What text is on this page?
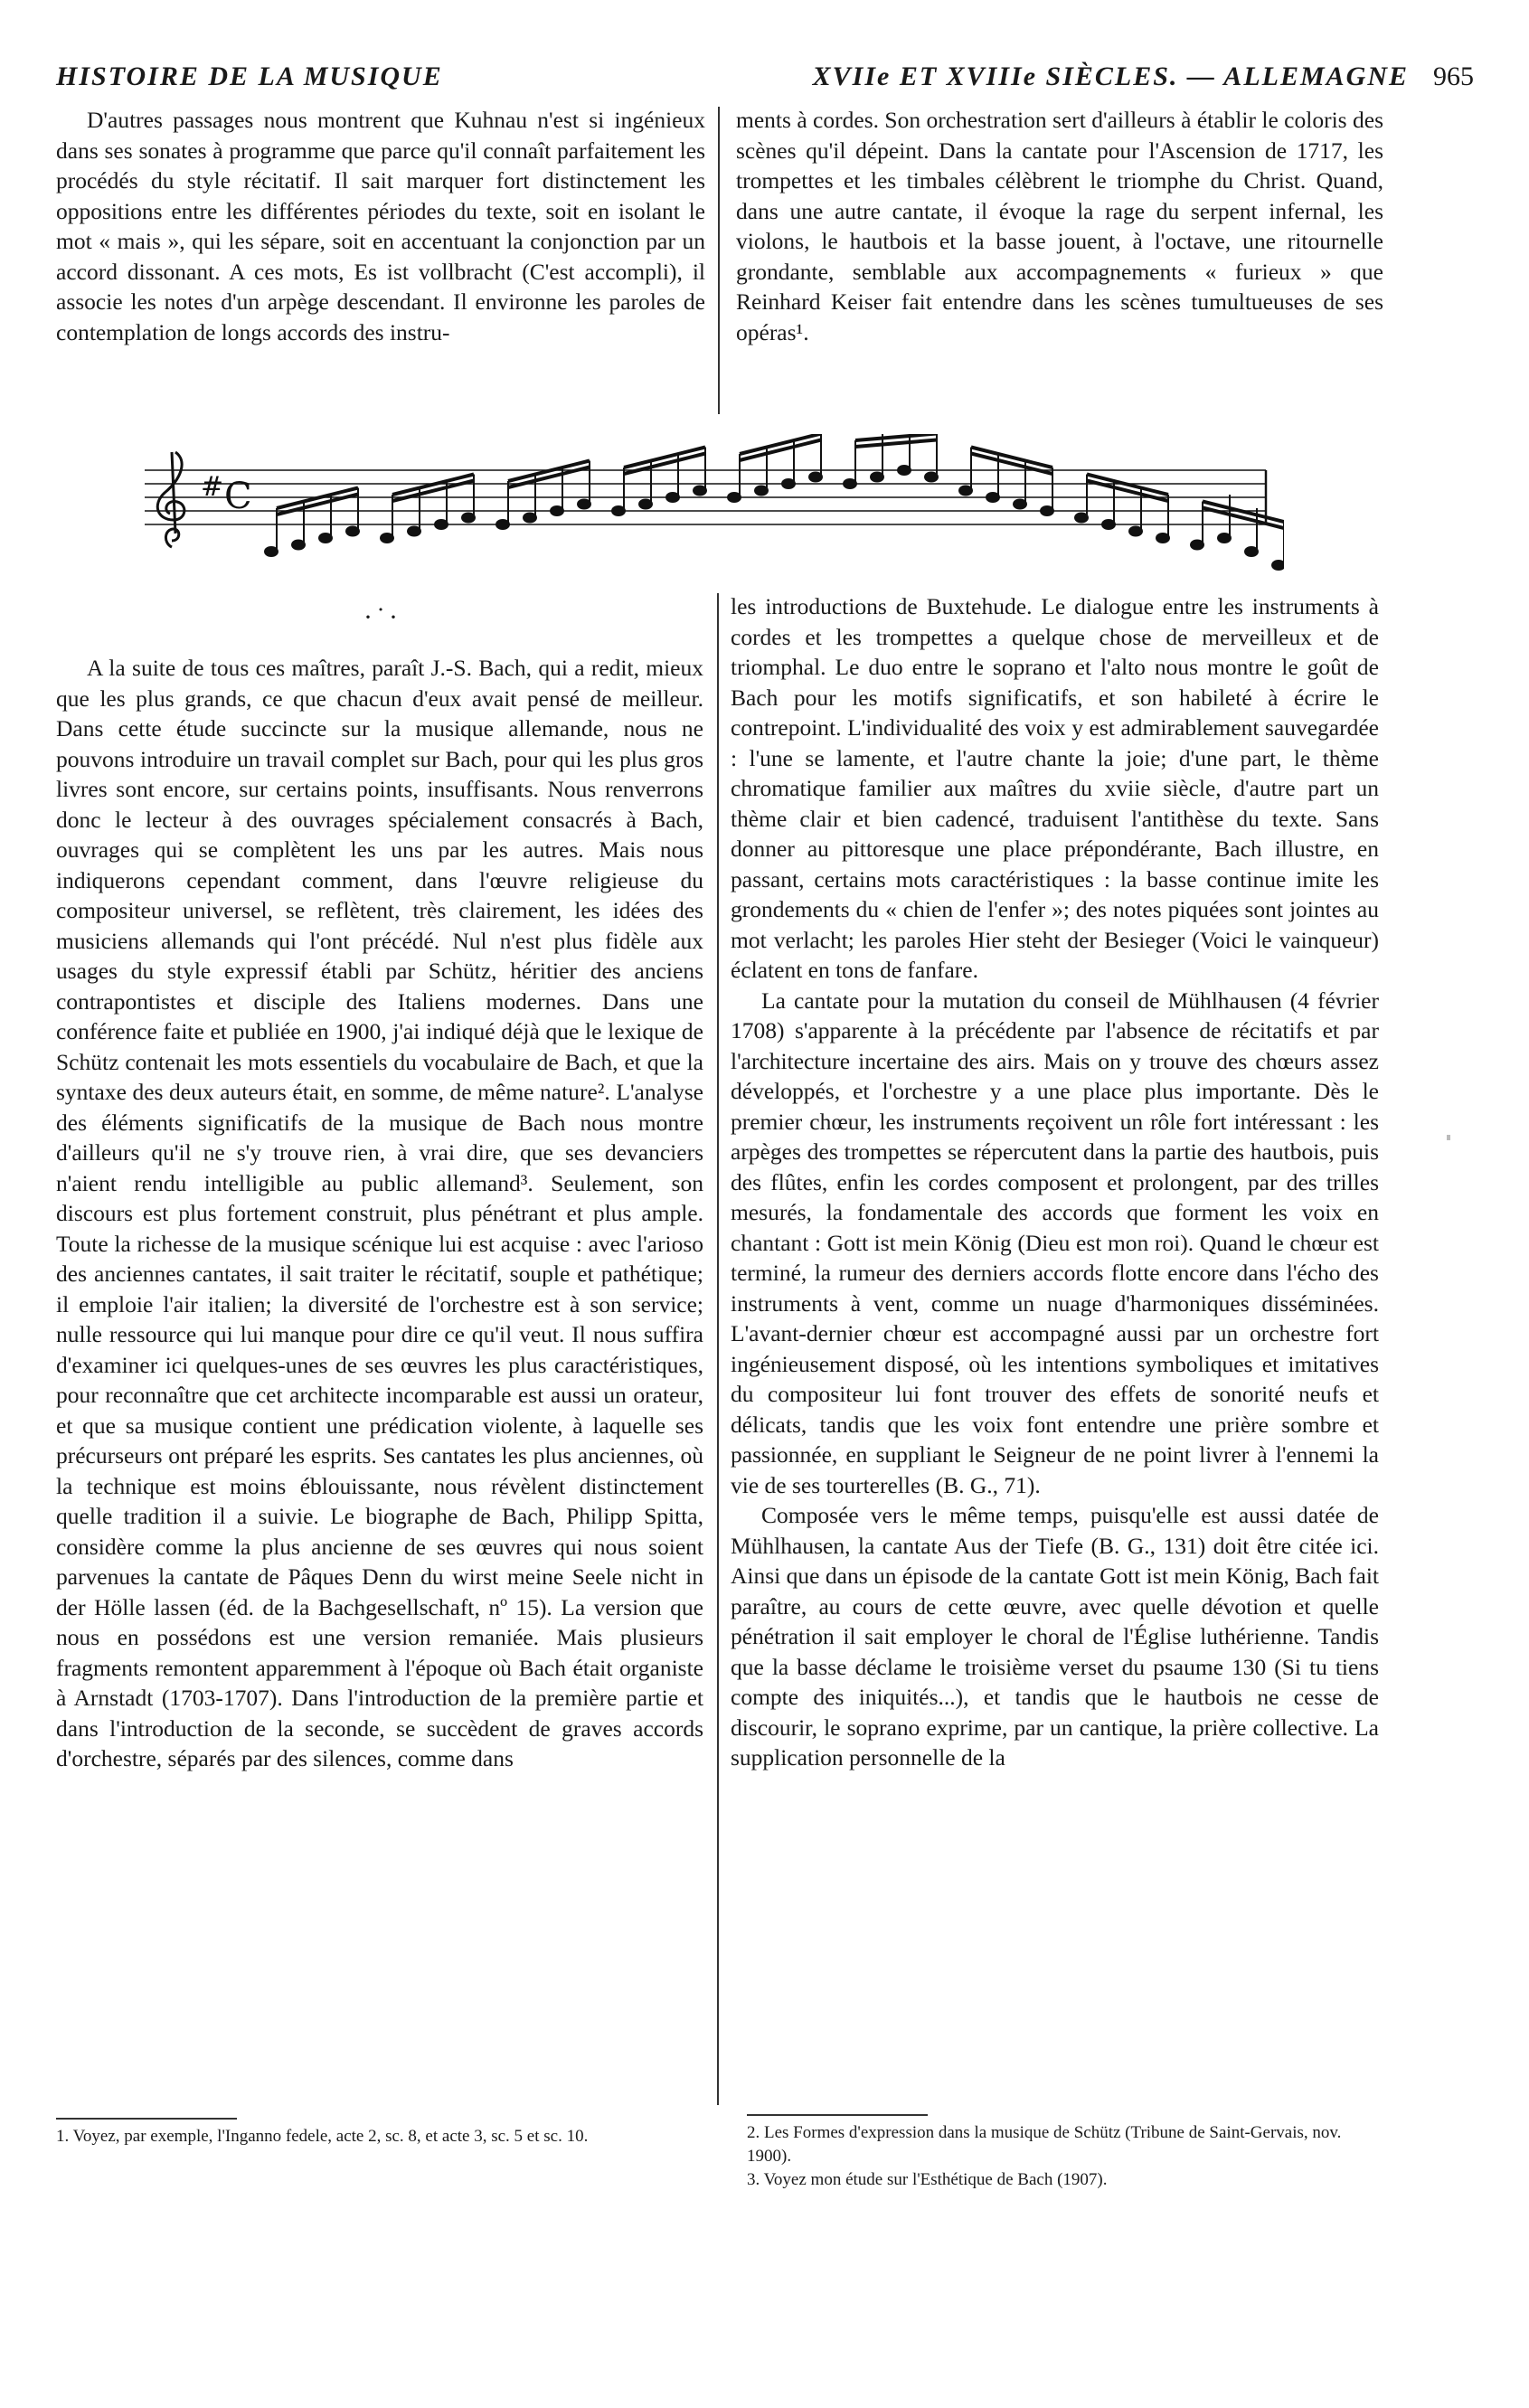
HISTOIRE DE LA MUSIQUE	XVIIe ET XVIIIe SIÈCLES. — ALLEMAGNE 965

D'autres passages nous montrent que Kuhnau n'est si ingénieux dans ses sonates à programme que parce qu'il connaît parfaitement les procédés du style récitatif. Il sait marquer fort distinctement les oppositions entre les différentes périodes du texte, soit en isolant le mot « mais », qui les sépare, soit en accentuant la conjonction par un accord dissonant. A ces mots, Es ist vollbracht (C'est accompli), il associe les notes d'un arpège descendant. Il environne les paroles de contemplation de longs accords des instru-

ments à cordes. Son orchestration sert d'ailleurs à établir le coloris des scènes qu'il dépeint. Dans la cantate pour l'Ascension de 1717, les trompettes et les timbales célèbrent le triomphe du Christ. Quand, dans une autre cantate, il évoque la rage du serpent infernal, les violons, le hautbois et la basse jouent, à l'octave, une ritournelle grondante, semblable aux accompagnements « furieux » que Reinhard Keiser fait entendre dans les scènes tumultueuses de ses opéras¹.

# C
·˙·

A la suite de tous ces maîtres, paraît J.-S. Bach, qui a redit, mieux que les plus grands, ce que chacun d'eux avait pensé de meilleur. Dans cette étude succincte sur la musique allemande, nous ne pouvons introduire un travail complet sur Bach, pour qui les plus gros livres sont encore, sur certains points, insuffisants. Nous renverrons donc le lecteur à des ouvrages spécialement consacrés à Bach, ouvrages qui se complètent les uns par les autres. Mais nous indiquerons cependant comment, dans l'œuvre religieuse du compositeur universel, se reflètent, très clairement, les idées des musiciens allemands qui l'ont précédé. Nul n'est plus fidèle aux usages du style expressif établi par Schütz, héritier des anciens contrapontistes et disciple des Italiens modernes. Dans une conférence faite et publiée en 1900, j'ai indiqué déjà que le lexique de Schütz contenait les mots essentiels du vocabulaire de Bach, et que la syntaxe des deux auteurs était, en somme, de même nature². L'analyse des éléments significatifs de la musique de Bach nous montre d'ailleurs qu'il ne s'y trouve rien, à vrai dire, que ses devanciers n'aient rendu intelligible au public allemand³. Seulement, son discours est plus fortement construit, plus pénétrant et plus ample. Toute la richesse de la musique scénique lui est acquise : avec l'arioso des anciennes cantates, il sait traiter le récitatif, souple et pathétique; il emploie l'air italien; la diversité de l'orchestre est à son service; nulle ressource qui lui manque pour dire ce qu'il veut. Il nous suffira d'examiner ici quelques-unes de ses œuvres les plus caractéristiques, pour reconnaître que cet architecte incomparable est aussi un orateur, et que sa musique contient une prédication violente, à laquelle ses précurseurs ont préparé les esprits. Ses cantates les plus anciennes, où la technique est moins éblouissante, nous révèlent distinctement quelle tradition il a suivie. Le biographe de Bach, Philipp Spitta, considère comme la plus ancienne de ses œuvres qui nous soient parvenues la cantate de Pâques Denn du wirst meine Seele nicht in der Hölle lassen (éd. de la Bachgesellschaft, nº 15). La version que nous en possédons est une version remaniée. Mais plusieurs fragments remontent apparemment à l'époque où Bach était organiste à Arnstadt (1703-1707). Dans l'introduction de la première partie et dans l'introduction de la seconde, se succèdent de graves accords d'orchestre, séparés par des silences, comme dans

les introductions de Buxtehude. Le dialogue entre les instruments à cordes et les trompettes a quelque chose de merveilleux et de triomphal. Le duo entre le soprano et l'alto nous montre le goût de Bach pour les motifs significatifs, et son habileté à écrire le contrepoint. L'individualité des voix y est admirablement sauvegardée : l'une se lamente, et l'autre chante la joie; d'une part, le thème chromatique familier aux maîtres du xviie siècle, d'autre part un thème clair et bien cadencé, traduisent l'antithèse du texte. Sans donner au pittoresque une place prépondérante, Bach illustre, en passant, certains mots caractéristiques : la basse continue imite les grondements du « chien de l'enfer »; des notes piquées sont jointes au mot verlacht; les paroles Hier steht der Besieger (Voici le vainqueur) éclatent en tons de fanfare.

La cantate pour la mutation du conseil de Mühlhausen (4 février 1708) s'apparente à la précédente par l'absence de récitatifs et par l'architecture incertaine des airs. Mais on y trouve des chœurs assez développés, et l'orchestre y a une place plus importante. Dès le premier chœur, les instruments reçoivent un rôle fort intéressant : les arpèges des trompettes se répercutent dans la partie des hautbois, puis des flûtes, enfin les cordes composent et prolongent, par des trilles mesurés, la fondamentale des accords que forment les voix en chantant : Gott ist mein König (Dieu est mon roi). Quand le chœur est terminé, la rumeur des derniers accords flotte encore dans l'écho des instruments à vent, comme un nuage d'harmoniques disséminées. L'avant-dernier chœur est accompagné aussi par un orchestre fort ingénieusement disposé, où les intentions symboliques et imitatives du compositeur lui font trouver des effets de sonorité neufs et délicats, tandis que les voix font entendre une prière sombre et passionnée, en suppliant le Seigneur de ne point livrer à l'ennemi la vie de ses tourterelles (B. G., 71).

Composée vers le même temps, puisqu'elle est aussi datée de Mühlhausen, la cantate Aus der Tiefe (B. G., 131) doit être citée ici. Ainsi que dans un épisode de la cantate Gott ist mein König, Bach fait paraître, au cours de cette œuvre, avec quelle dévotion et quelle pénétration il sait employer le choral de l'Église luthérienne. Tandis que la basse déclame le troisième verset du psaume 130 (Si tu tiens compte des iniquités...), et tandis que le hautbois ne cesse de discourir, le soprano exprime, par un cantique, la prière collective. La supplication personnelle de la

1. Voyez, par exemple, l'Inganno fedele, acte 2, sc. 8, et acte 3, sc. 5 et sc. 10.	2. Les Formes d'expression dans la musique de Schütz (Tribune de Saint-Gervais, nov. 1900).

3. Voyez mon étude sur l'Esthétique de Bach (1907).
